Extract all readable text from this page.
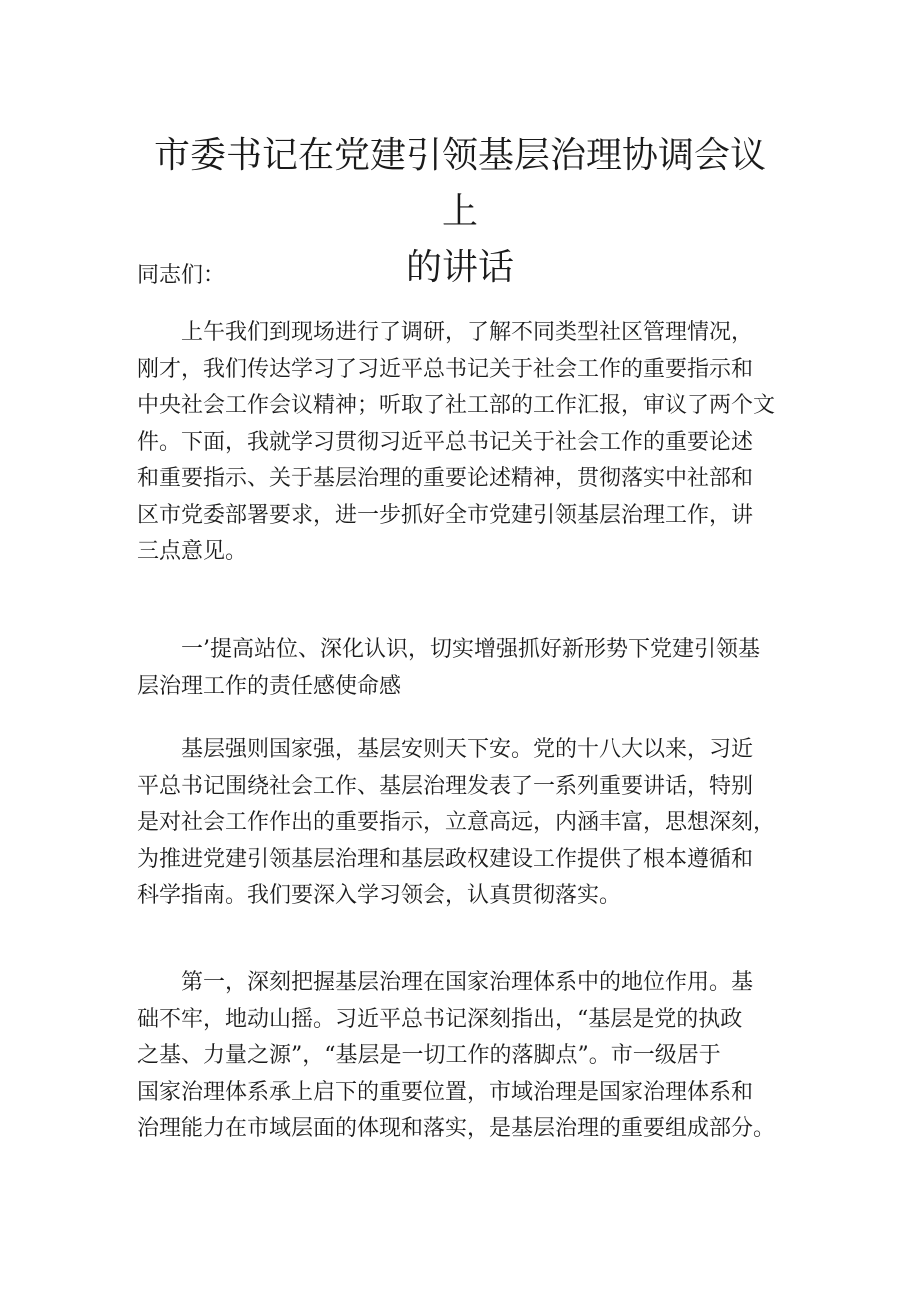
市委书记在党建引领基层治理协调会议上
的讲话

同志们：

上午我们到现场进行了调研，了解不同类型社区管理情况，
刚才，我们传达学习了习近平总书记关于社会工作的重要指示和
中央社会工作会议精神；听取了社工部的工作汇报，审议了两个文
件。下面，我就学习贯彻习近平总书记关于社会工作的重要论述
和重要指示、关于基层治理的重要论述精神，贯彻落实中社部和
区市党委部署要求，进一步抓好全市党建引领基层治理工作，讲
三点意见。

一’提高站位、深化认识，切实增强抓好新形势下党建引领基
层治理工作的责任感使命感

基层强则国家强，基层安则天下安。党的十八大以来，习近
平总书记围绕社会工作、基层治理发表了一系列重要讲话，特别
是对社会工作作出的重要指示，立意高远，内涵丰富，思想深刻，
为推进党建引领基层治理和基层政权建设工作提供了根本遵循和
科学指南。我们要深入学习领会，认真贯彻落实。

第一，深刻把握基层治理在国家治理体系中的地位作用。基
础不牢，地动山摇。习近平总书记深刻指出，“基层是党的执政
之基、力量之源”，“基层是一切工作的落脚点”。市一级居于
国家治理体系承上启下的重要位置，市域治理是国家治理体系和
治理能力在市域层面的体现和落实，是基层治理的重要组成部分。
